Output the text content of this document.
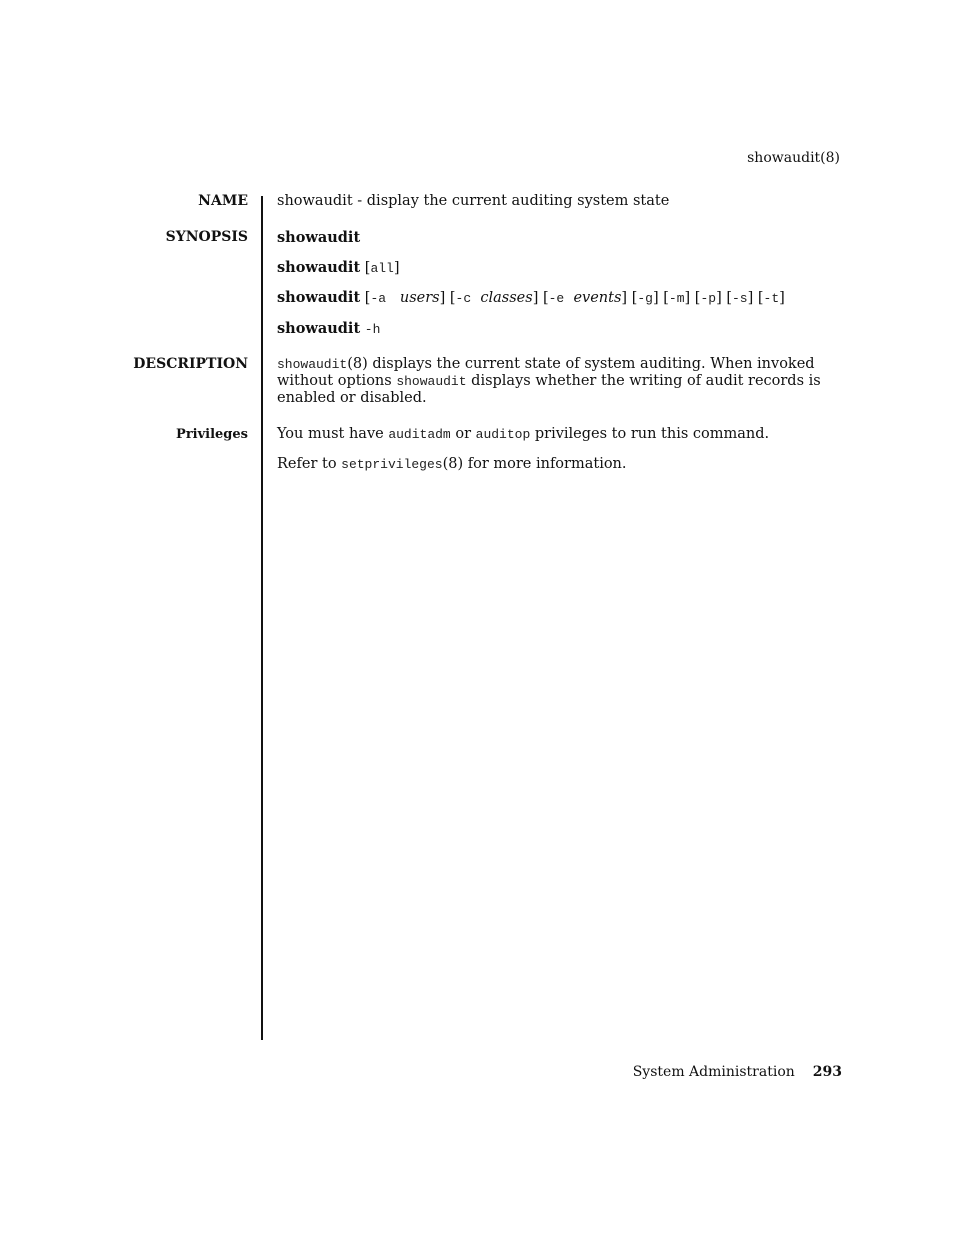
showaudit(8)
NAME showaudit - display the current auditing system state
SYNOPSIS showaudit
showaudit [all]
showaudit [-a users] [-c classes] [-e events] [-g] [-m] [-p] [-s] [-t]
showaudit -h
DESCRIPTION showaudit(8) displays the current state of system auditing. When invoked without options showaudit displays whether the writing of audit records is enabled or disabled.
Privileges You must have auditadm or auditop privileges to run this command.
Refer to setprivileges(8) for more information.
System Administration 293
